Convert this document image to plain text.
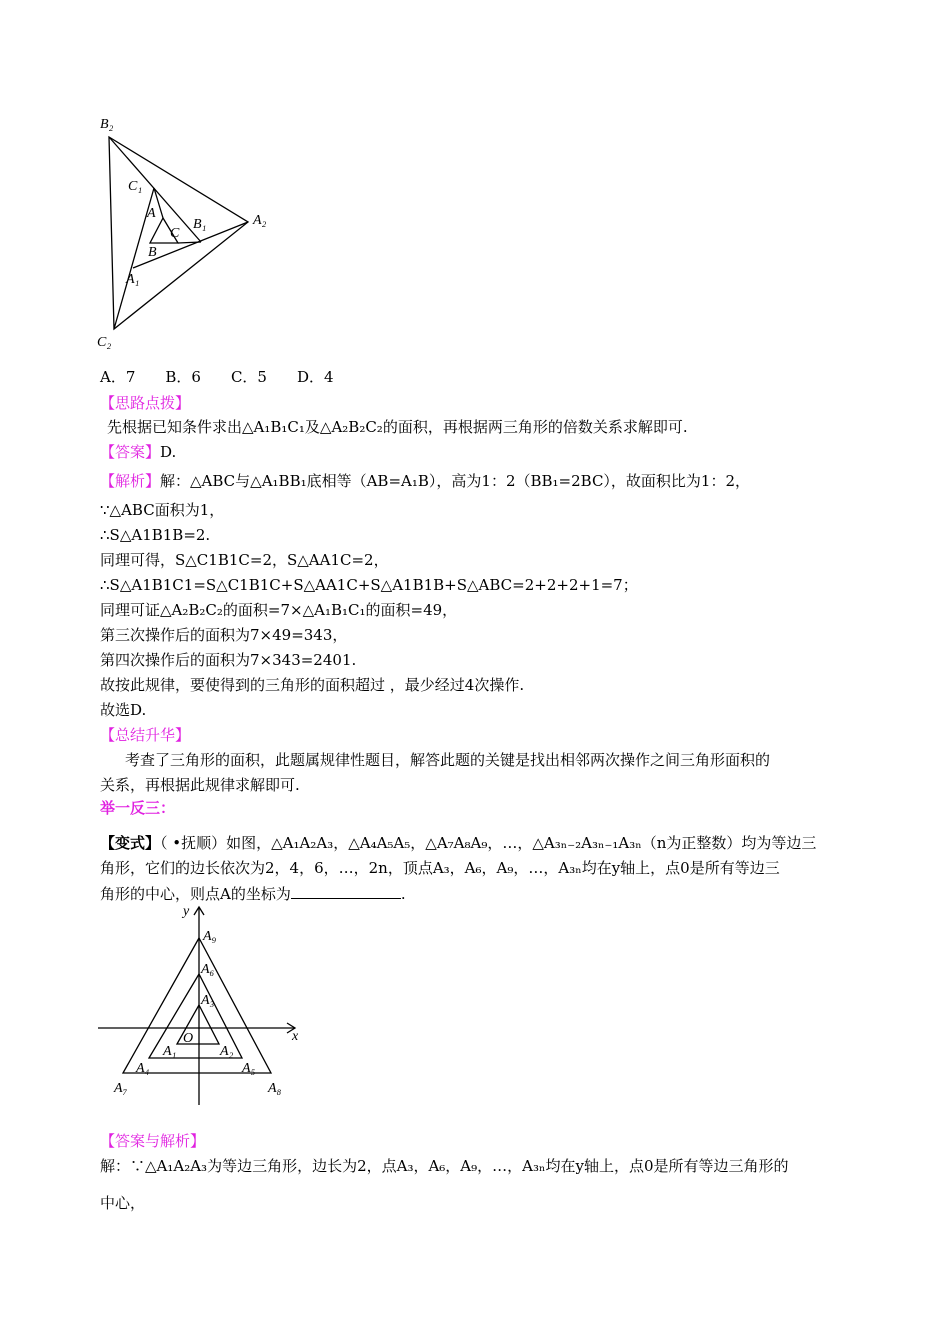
B₂
C₁
A
B₁	A₂
C
B
A₁
C₂
A．7　　B．6　　C．5　　D．4
【思路点拨】
先根据已知条件求出△A₁B₁C₁及△A₂B₂C₂的面积，再根据两三角形的倍数关系求解即可.
【答案】D.
【解析】解：△ABC与△A₁BB₁底相等（AB=A₁B），高为1：2（BB₁=2BC），故面积比为1：2，
∵△ABC面积为1，
∴S△A1B1B=2.
同理可得，S△C1B1C=2，S△AA1C=2，
∴S△A1B1C1=S△C1B1C+S△AA1C+S△A1B1B+S△ABC=2+2+2+1=7；
同理可证△A₂B₂C₂的面积=7×△A₁B₁C₁的面积=49，
第三次操作后的面积为7×49=343，
第四次操作后的面积为7×343=2401.
故按此规律，要使得到的三角形的面积超过 ，最少经过4次操作.
故选D.
【总结升华】
考查了三角形的面积，此题属规律性题目，解答此题的关键是找出相邻两次操作之间三角形面积的
关系，再根据此规律求解即可.
举一反三：
【变式】（ •抚顺）如图，△A₁A₂A₃，△A₄A₅A₅，△A₇A₈A₉，…，△A₃ₙ₋₂A₃ₙ₋₁A₃ₙ（n为正整数）均为等边三
角形，它们的边长依次为2，4，6，…，2n，顶点A₃，A₆，A₉，…，A₃ₙ均在y轴上，点0是所有等边三
角形的中心，则点A的坐标为	.
y
x
A₉
A₆
A₃
O
A₁	A₂
A₄	A₅
A₇	A₈
【答案与解析】
解：∵△A₁A₂A₃为等边三角形，边长为2，点A₃，A₆，A₉，…，A₃ₙ均在y轴上，点0是所有等边三角形的
中心，
